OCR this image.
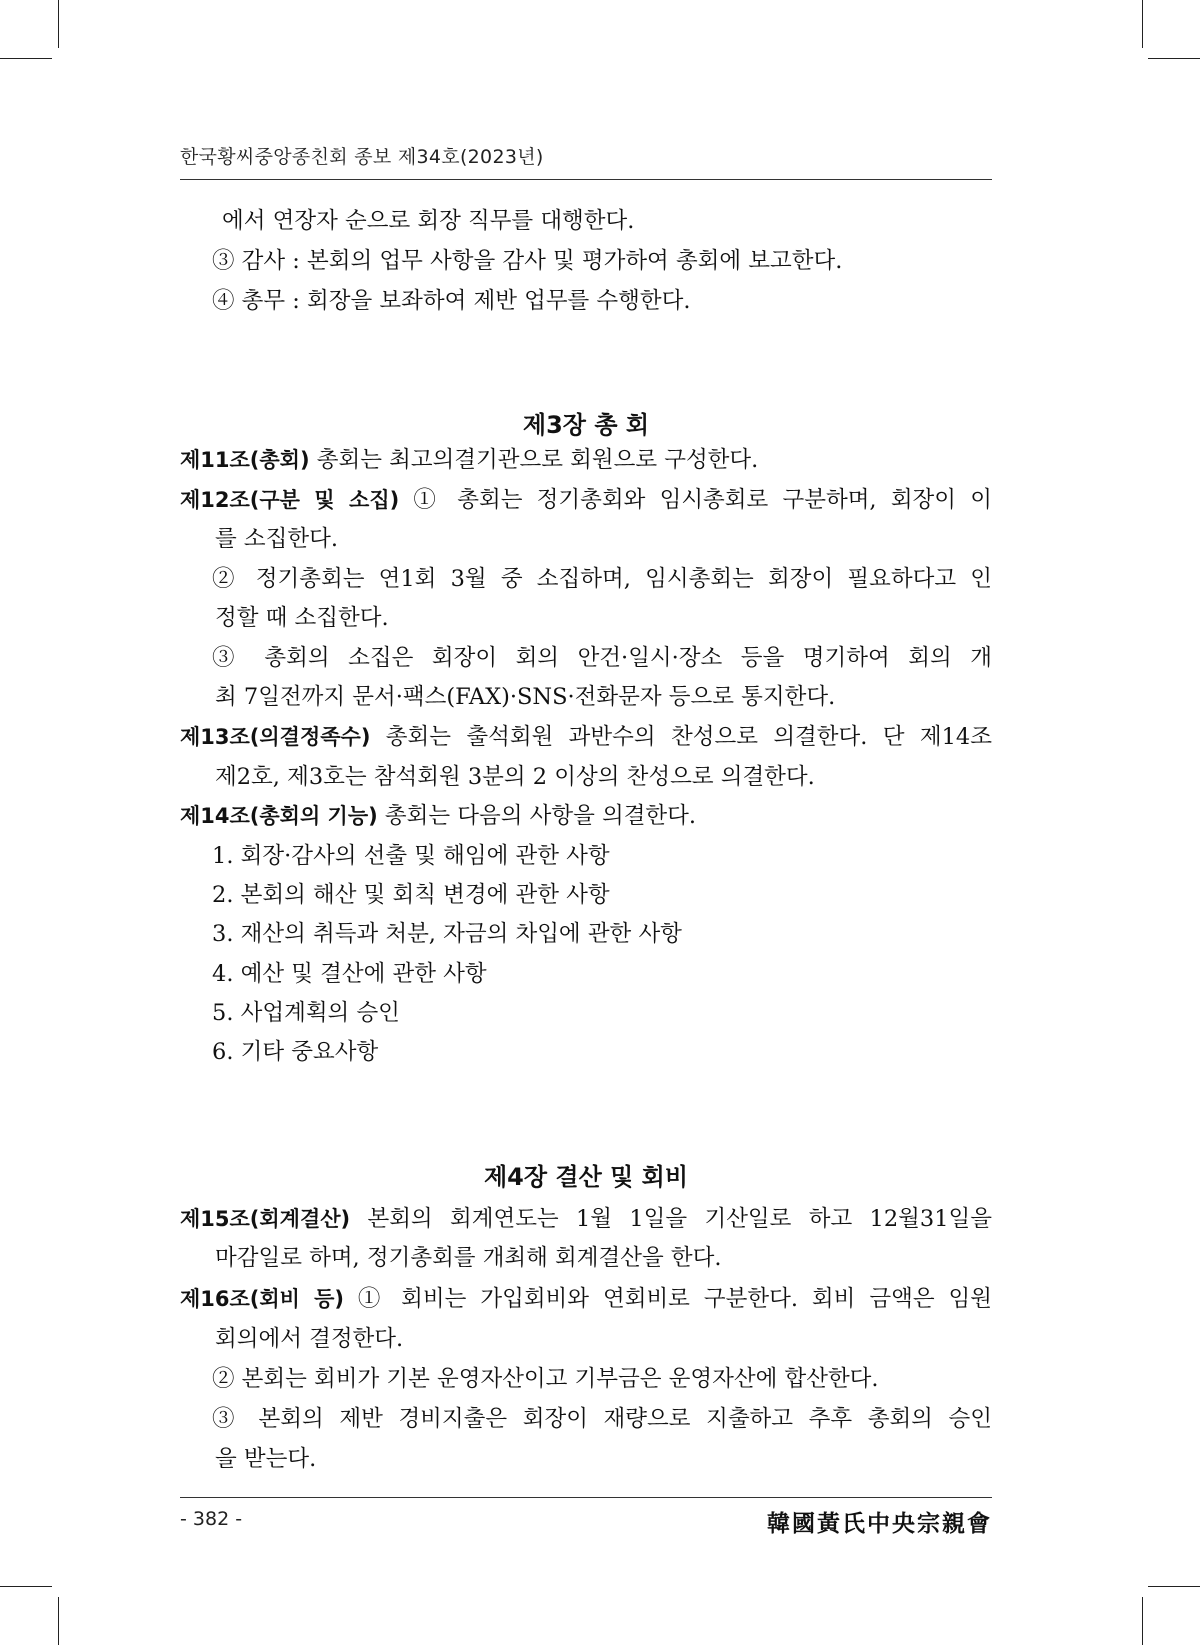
한국황씨중앙종친회 종보 제34호(2023년)
에서 연장자 순으로 회장 직무를 대행한다.
③ 감사 : 본회의 업무 사항을 감사 및 평가하여 총회에 보고한다.
④ 총무 : 회장을 보좌하여 제반 업무를 수행한다.
제3장 총 회
제11조(총회) 총회는 최고의결기관으로 회원으로 구성한다.
제12조(구분 및 소집) ① 총회는 정기총회와 임시총회로 구분하며, 회장이 이
를 소집한다.
② 정기총회는 연1회 3월 중 소집하며, 임시총회는 회장이 필요하다고 인
정할 때 소집한다.
③ 총회의 소집은 회장이 회의 안건·일시·장소 등을 명기하여 회의 개
최 7일전까지 문서·팩스(FAX)·SNS·전화문자 등으로 통지한다.
제13조(의결정족수) 총회는 출석회원 과반수의 찬성으로 의결한다. 단 제14조
제2호, 제3호는 참석회원 3분의 2 이상의 찬성으로 의결한다.
제14조(총회의 기능) 총회는 다음의 사항을 의결한다.
1. 회장·감사의 선출 및 해임에 관한 사항
2. 본회의 해산 및 회칙 변경에 관한 사항
3. 재산의 취득과 처분, 자금의 차입에 관한 사항
4. 예산 및 결산에 관한 사항
5. 사업계획의 승인
6. 기타 중요사항
제4장 결산 및 회비
제15조(회계결산) 본회의 회계연도는 1월 1일을 기산일로 하고 12월31일을
마감일로 하며, 정기총회를 개최해 회계결산을 한다.
제16조(회비 등) ① 회비는 가입회비와 연회비로 구분한다. 회비 금액은 임원
회의에서 결정한다.
② 본회는 회비가 기본 운영자산이고 기부금은 운영자산에 합산한다.
③ 본회의 제반 경비지출은 회장이 재량으로 지출하고 추후 총회의 승인
을 받는다.
- 382 -	韓國黃氏中央宗親會
